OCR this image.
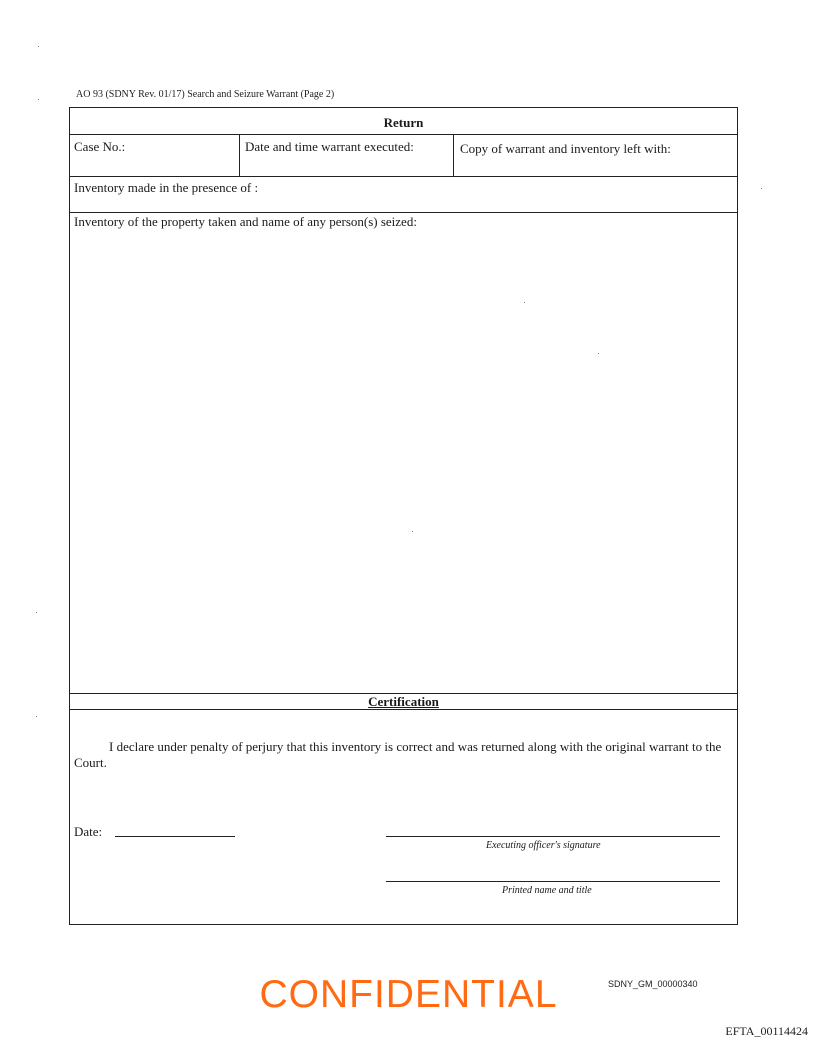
AO 93 (SDNY Rev. 01/17) Search and Seizure Warrant (Page 2)
Return
Case No.:	Date and time warrant executed:	Copy of warrant and inventory left with:
Inventory made in the presence of :
Inventory of the property taken and name of any person(s) seized:
Certification
I declare under penalty of perjury that this inventory is correct and was returned along with the original warrant to the Court.
Date:
Executing officer's signature
Printed name and title
CONFIDENTIAL	SDNY_GM_00000340
EFTA_00114424
